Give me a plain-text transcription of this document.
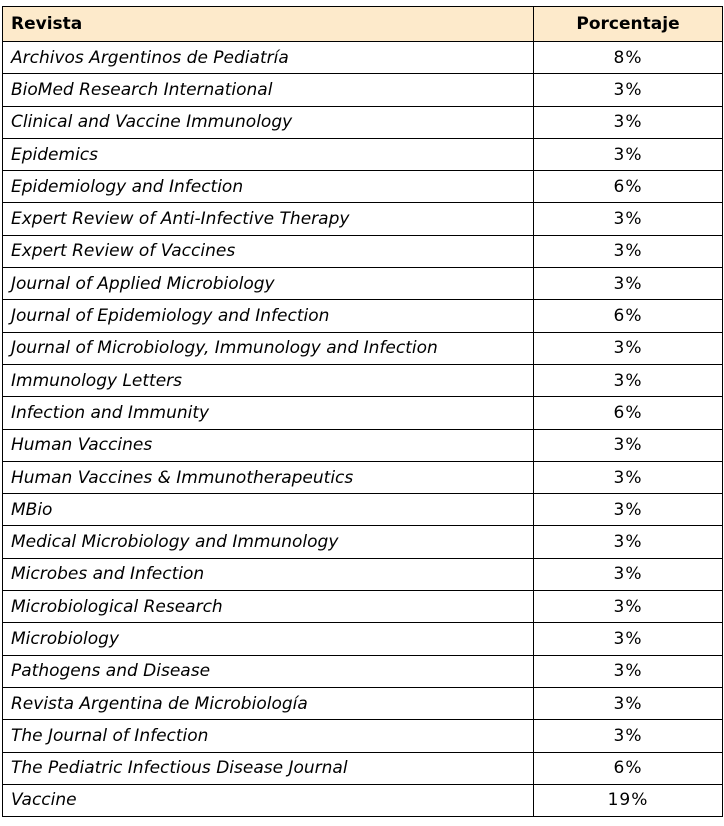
Revista	Porcentaje
Archivos Argentinos de Pediatría	8%
BioMed Research International	3%
Clinical and Vaccine Immunology	3%
Epidemics	3%
Epidemiology and Infection	6%
Expert Review of Anti-Infective Therapy	3%
Expert Review of Vaccines	3%
Journal of Applied Microbiology	3%
Journal of Epidemiology and Infection	6%
Journal of Microbiology, Immunology and Infection	3%
Immunology Letters	3%
Infection and Immunity	6%
Human Vaccines	3%
Human Vaccines & Immunotherapeutics	3%
MBio	3%
Medical Microbiology and Immunology	3%
Microbes and Infection	3%
Microbiological Research	3%
Microbiology	3%
Pathogens and Disease	3%
Revista Argentina de Microbiología	3%
The Journal of Infection	3%
The Pediatric Infectious Disease Journal	6%
Vaccine	19%
